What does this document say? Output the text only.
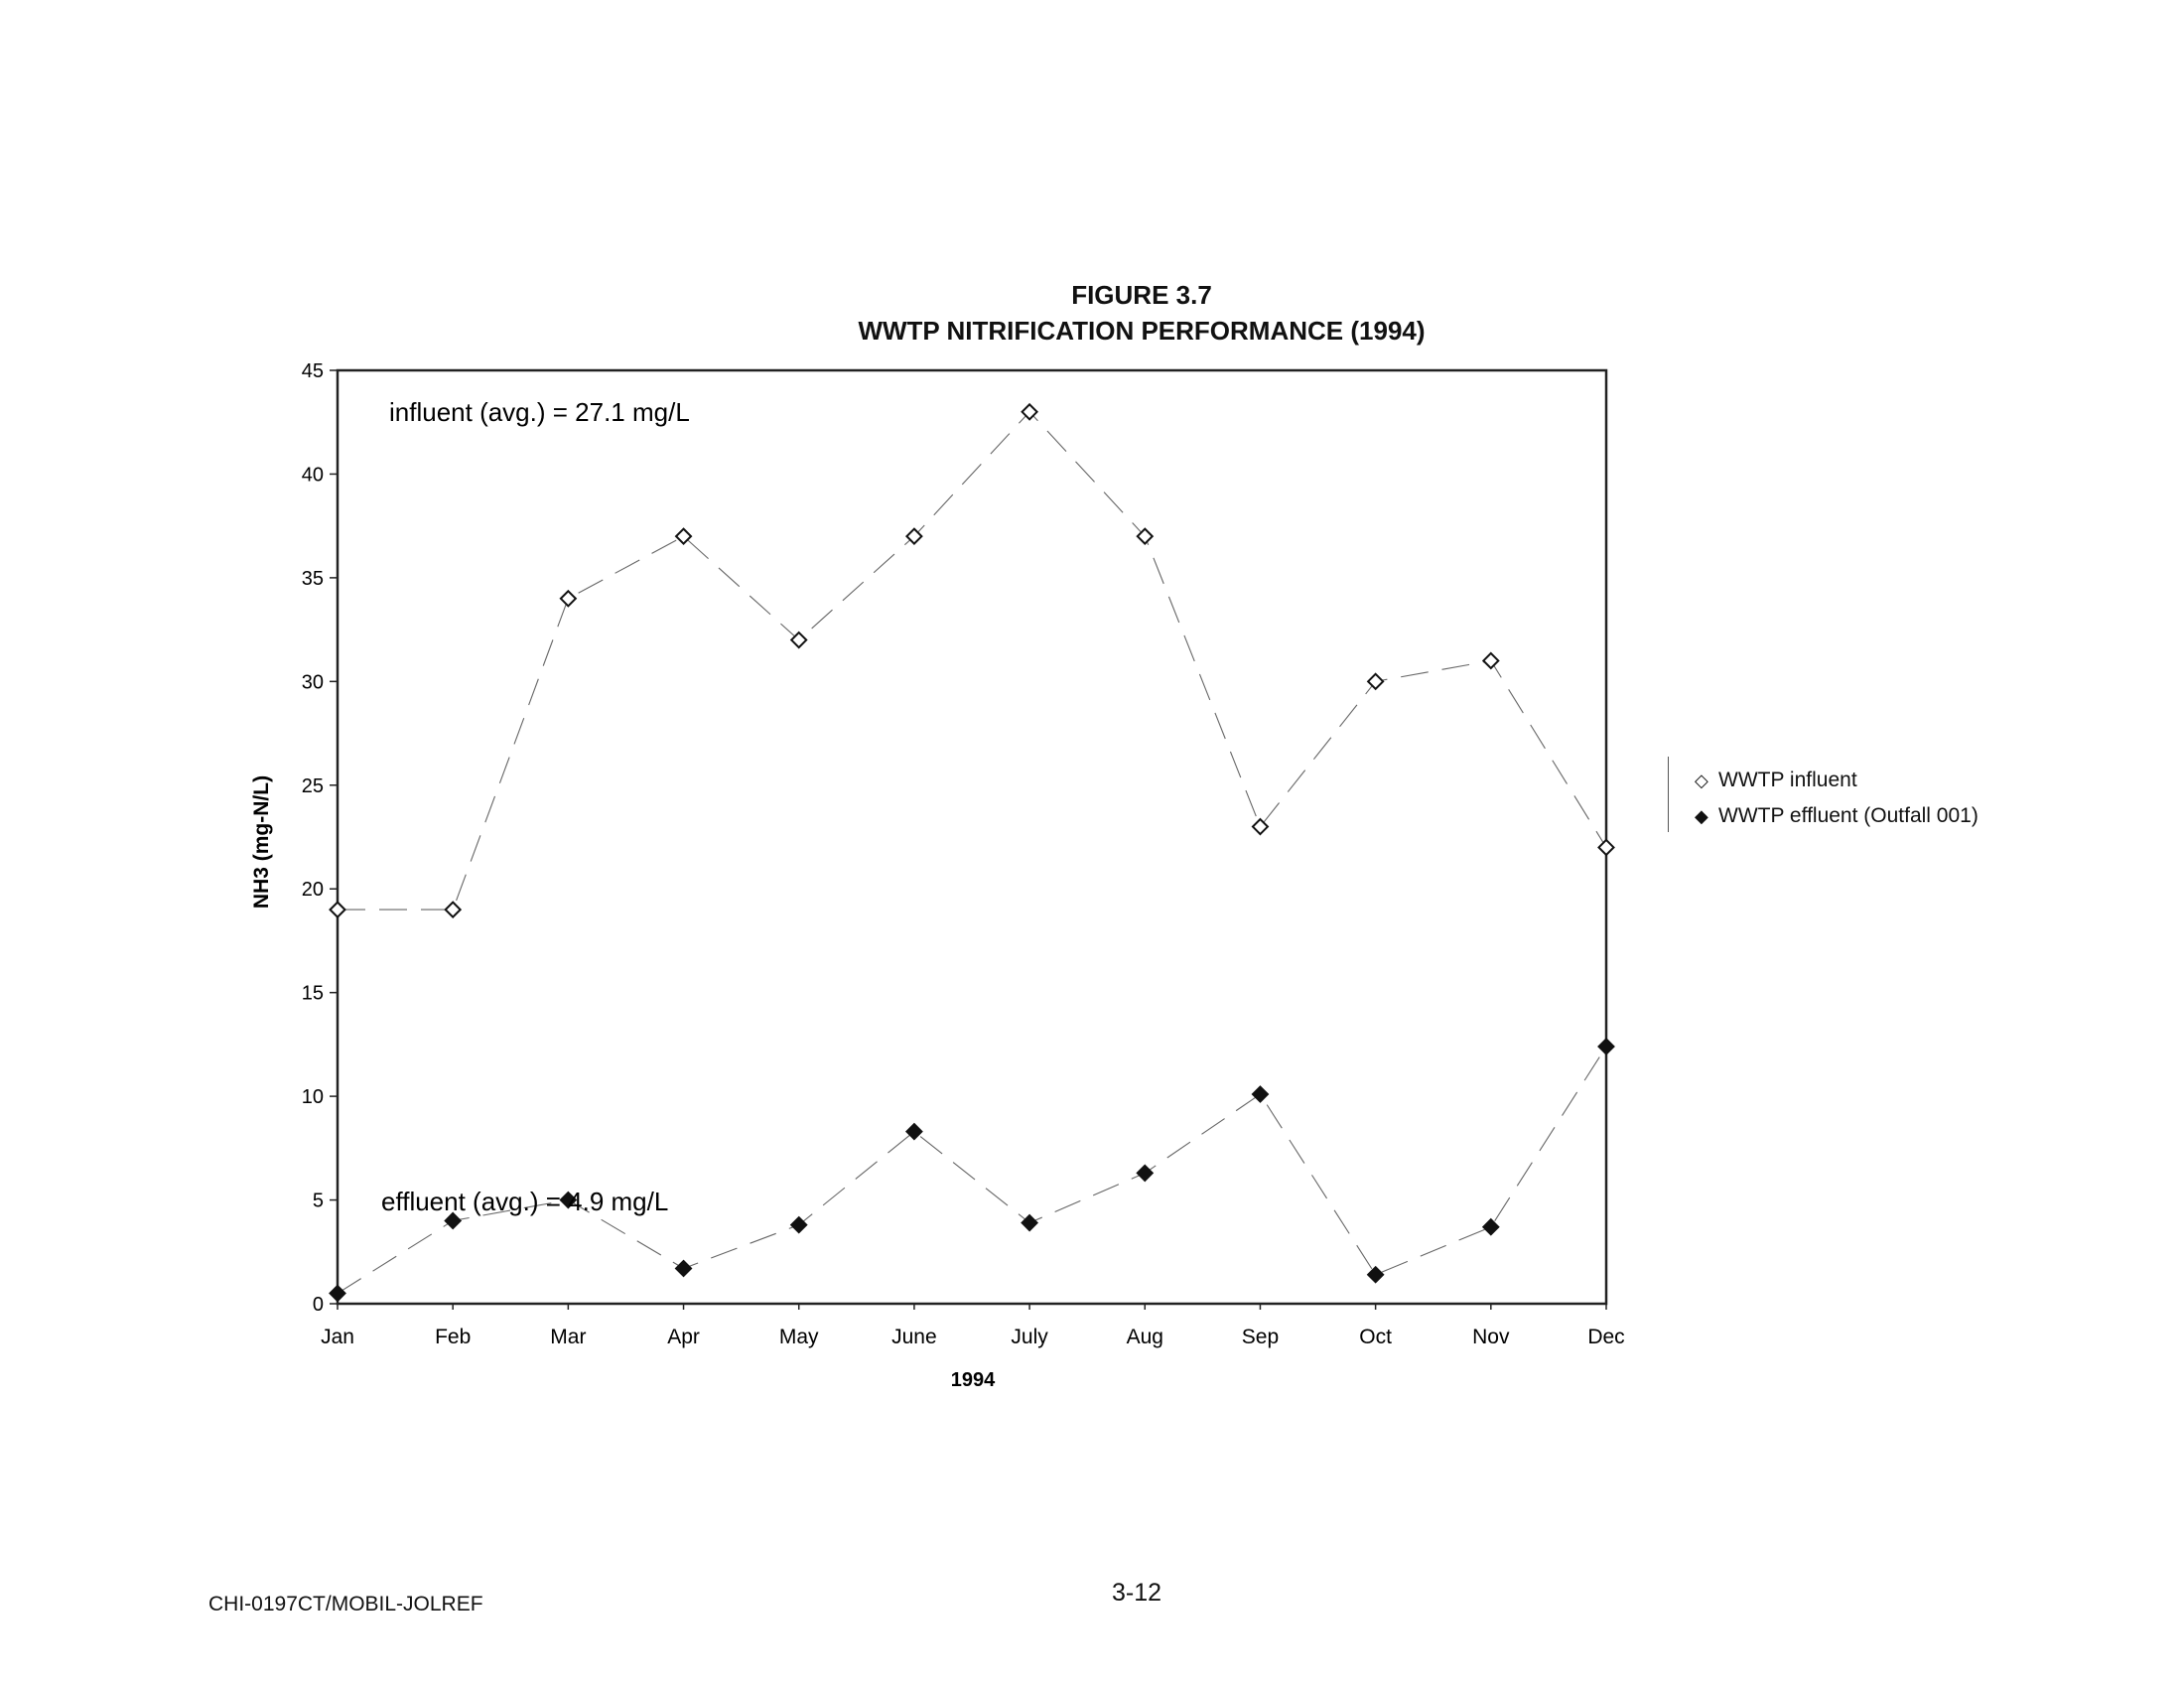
FIGURE 3.7
WWTP NITRIFICATION PERFORMANCE (1994)
0
5
10
15
20
25
30
35
40
45
Jan	Feb	Mar	Apr	May	June	July	Aug	Sep	Oct	Nov	Dec
NH3 (mg-N/L)
1994
influent (avg.) = 27.1 mg/L
effluent (avg.) = 4.9 mg/L
◇ WWTP influent
◆ WWTP effluent (Outfall 001)
CHI-0197CT/MOBIL-JOLREF	3-12
